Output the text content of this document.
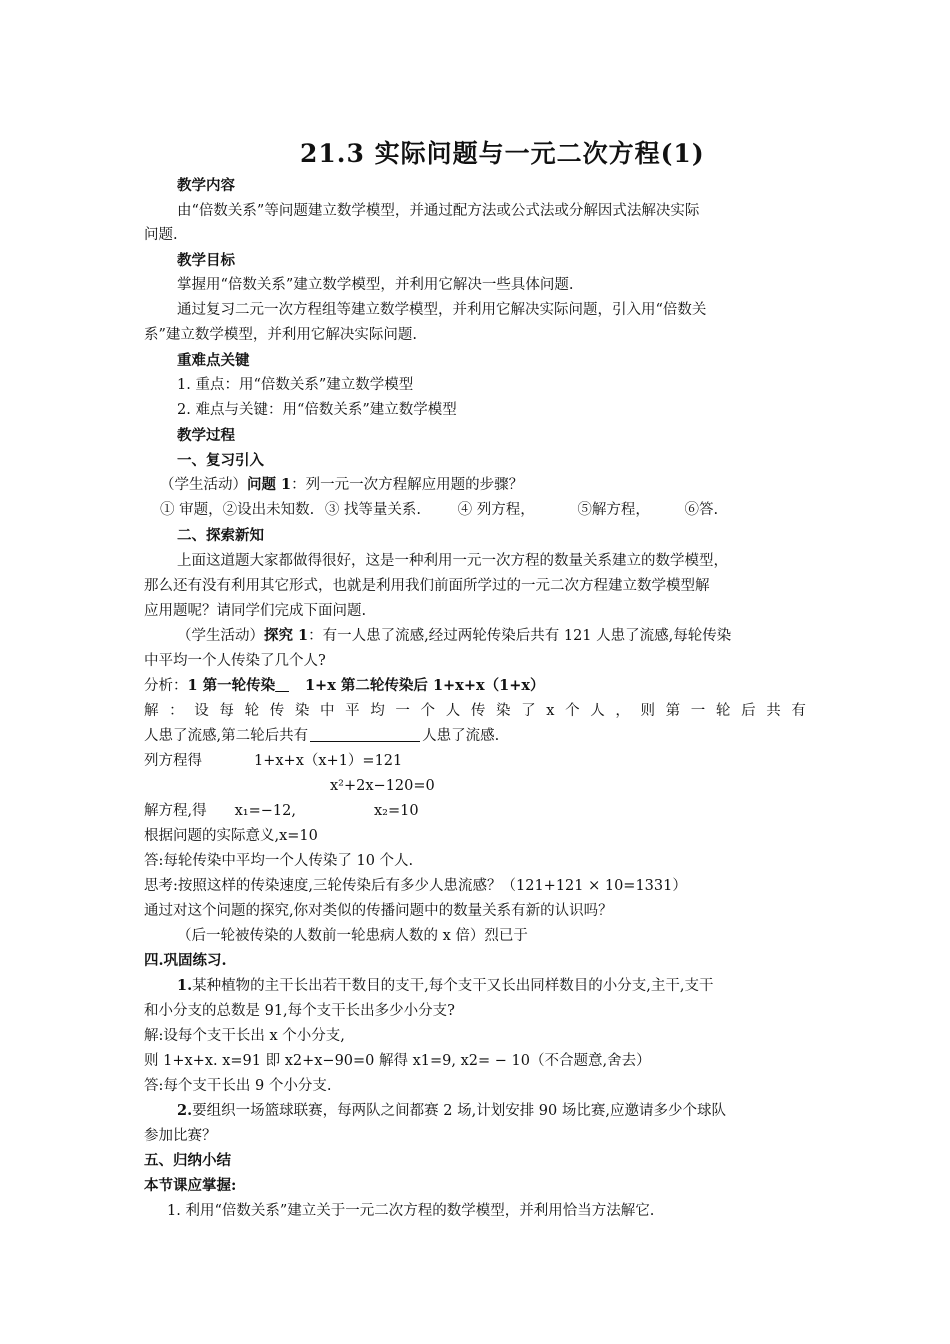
21.3 实际问题与一元二次方程(1)
教学内容
由“倍数关系”等问题建立数学模型，并通过配方法或公式法或分解因式法解决实际
问题.
教学目标
掌握用“倍数关系”建立数学模型，并利用它解决一些具体问题.
通过复习二元一次方程组等建立数学模型，并利用它解决实际问题，引入用“倍数关
系”建立数学模型，并利用它解决实际问题.
重难点关键
1. 重点：用“倍数关系”建立数学模型
2. 难点与关键：用“倍数关系”建立数学模型
教学过程
一、复习引入
（学生活动）问题 1：列一元一次方程解应用题的步骤？
① 审题，②设出未知数. ③ 找等量关系.	④ 列方程，	⑤解方程， ⑥答.
二、探索新知
上面这道题大家都做得很好，这是一种利用一元一次方程的数量关系建立的数学模型，
那么还有没有利用其它形式，也就是利用我们前面所学过的一元二次方程建立数学模型解
应用题呢？请同学们完成下面问题.
（学生活动）探究 1：有一人患了流感,经过两轮传染后共有 121 人患了流感,每轮传染
中平均一个人传染了几个人?
分析：1 第一轮传染 1+x 第二轮传染后 1+x+x（1+x）
解 ： 设 每 轮 传 染 中 平 均 一 个 人 传 染 了 x 个 人 ， 则 第 一 轮 后 共 有
人患了流感,第二轮后共有	人患了流感.
列方程得	1+x+x（x+1）=121
x²+2x−120=0
解方程,得 x₁=−12,	x₂=10
根据问题的实际意义,x=10
答:每轮传染中平均一个人传染了 10 个人.
思考:按照这样的传染速度,三轮传染后有多少人患流感？（121+121 × 10=1331）
通过对这个问题的探究,你对类似的传播问题中的数量关系有新的认识吗？
（后一轮被传染的人数前一轮患病人数的 x 倍）烈已于
四.巩固练习.
1.某种植物的主干长出若干数目的支干,每个支干又长出同样数目的小分支,主干,支干
和小分支的总数是 91,每个支干长出多少小分支?
解:设每个支干长出 x 个小分支,
则 1+x+x. x=91 即 x2+x−90=0 解得 x1=9, x2= − 10（不合题意,舍去）
答:每个支干长出 9 个小分支.
2.要组织一场篮球联赛，每两队之间都赛 2 场,计划安排 90 场比赛,应邀请多少个球队
参加比赛？
五、归纳小结
本节课应掌握:
1. 利用“倍数关系”建立关于一元二次方程的数学模型，并利用恰当方法解它.
